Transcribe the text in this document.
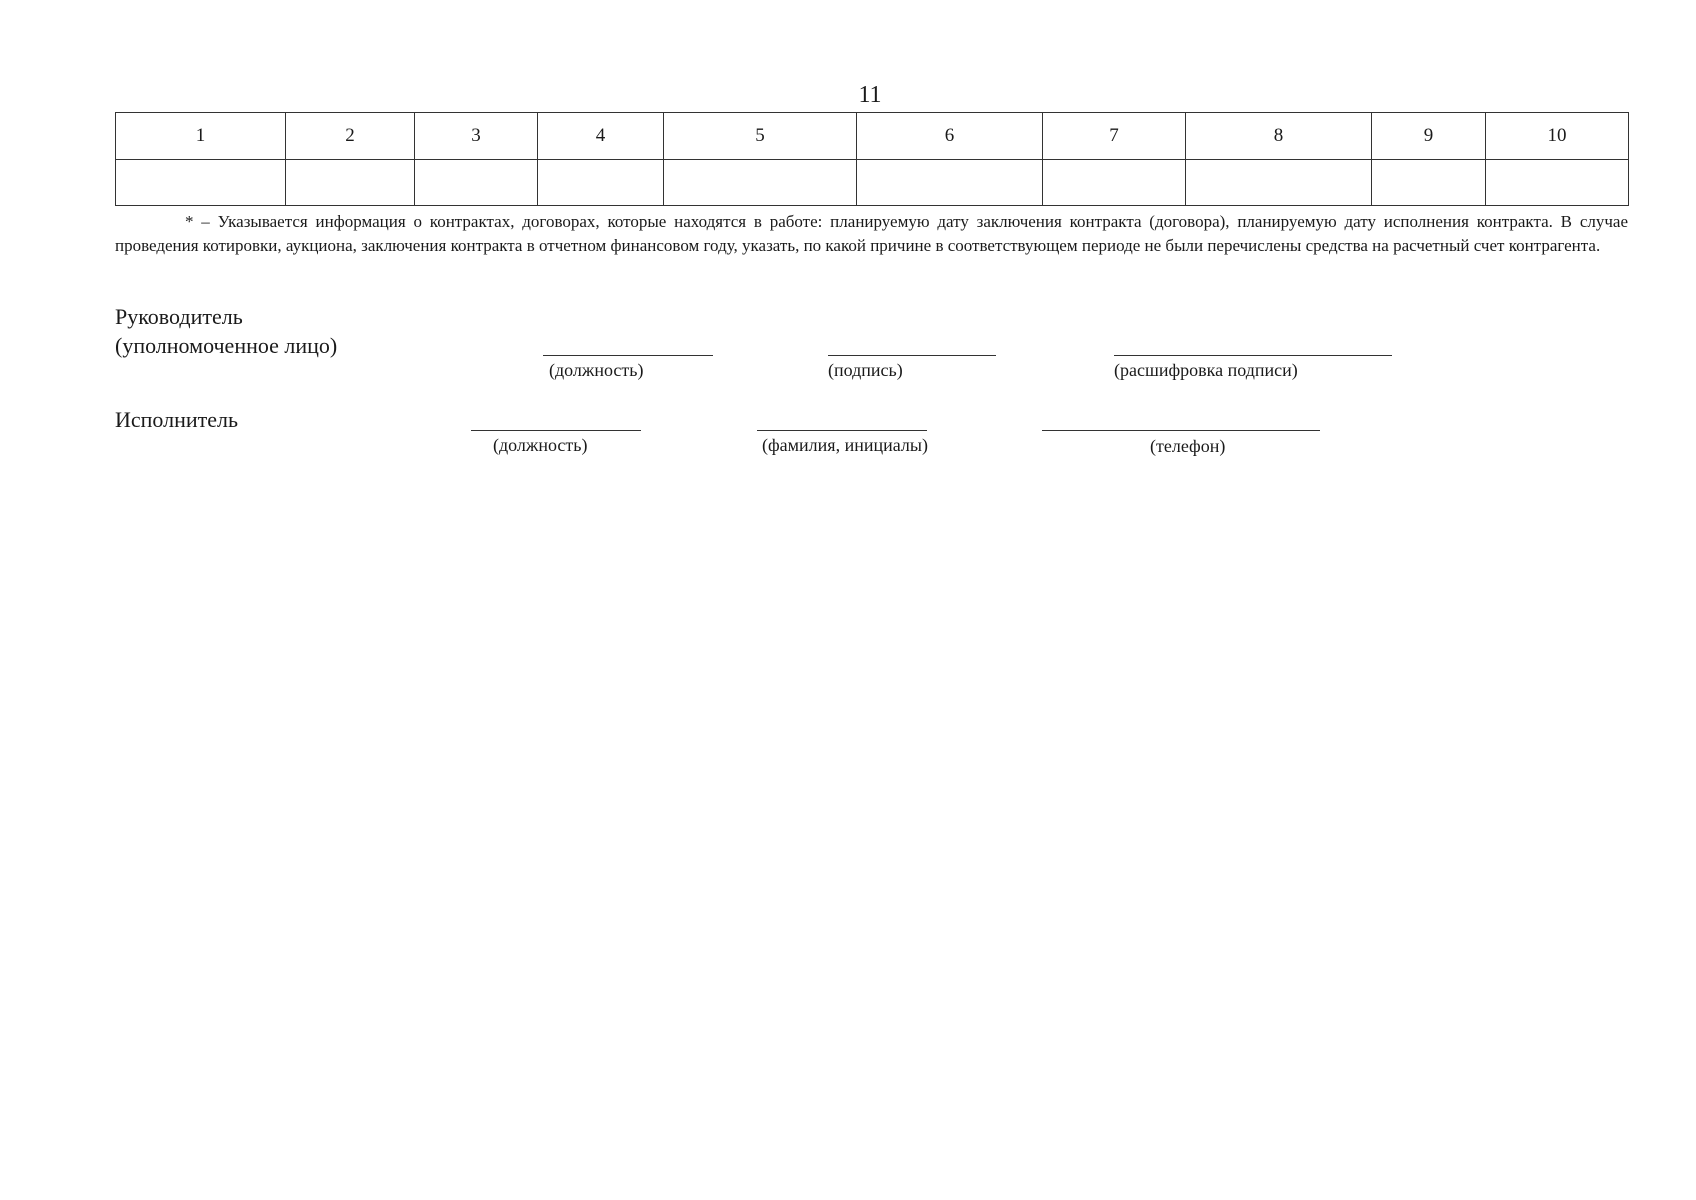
11
1	2	3	4	5	6	7	8	9	10

* – Указывается информация о контрактах, договорах, которые находятся в работе: планируемую дату заключения контракта (договора), планируемую дату исполнения контракта. В случае проведения котировки, аукциона, заключения контракта в отчетном финансовом году, указать, по какой причине в соответствующем периоде не были перечислены средства на расчетный счет контрагента.
Руководитель
(уполномоченное лицо)
(должность)	(подпись)	(расшифровка подписи)
Исполнитель
(должность)	(фамилия, инициалы)	(телефон)
